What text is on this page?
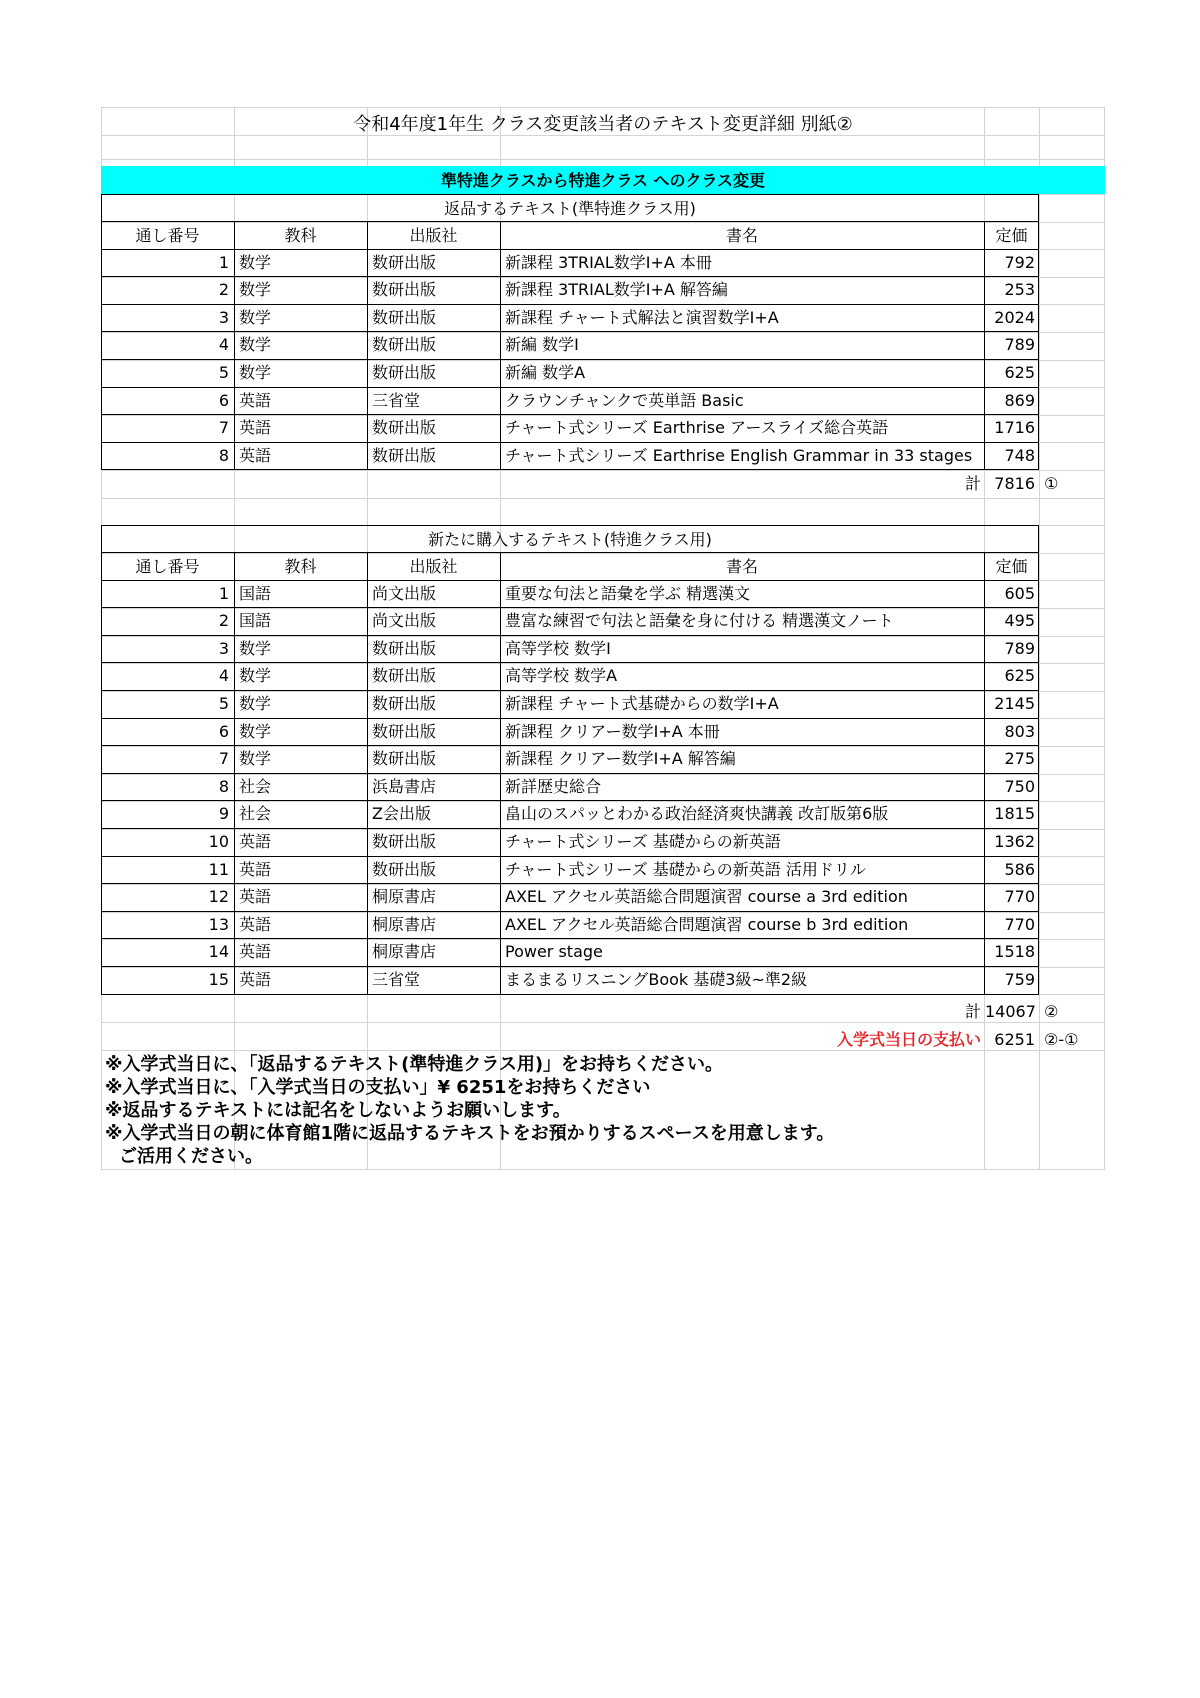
令和4年度1年生 クラス変更該当者のテキスト変更詳細 別紙②
準特進クラスから特進クラス へのクラス変更
返品するテキスト(準特進クラス用)
通し番号	教科	出版社	書名	定価
1 数学	数研出版	新課程 3TRIAL数学Ⅰ+A 本冊	792
2 数学	数研出版	新課程 3TRIAL数学Ⅰ+A 解答編	253
3 数学	数研出版	新課程 チャート式解法と演習数学Ⅰ+A	2024
4 数学	数研出版	新編 数学Ⅰ	789
5 数学	数研出版	新編 数学A	625
6 英語	三省堂	クラウンチャンクで英単語 Basic	869
7 英語	数研出版	チャート式シリーズ Earthrise アースライズ総合英語	1716
8 英語	数研出版	チャート式シリーズ Earthrise English Grammar in 33 stages	748
計 7816 ①
新たに購入するテキスト(特進クラス用)
通し番号	教科	出版社	書名	定価
1 国語	尚文出版	重要な句法と語彙を学ぶ 精選漢文	605
2 国語	尚文出版	豊富な練習で句法と語彙を身に付ける 精選漢文ノート	495
3 数学	数研出版	高等学校 数学Ⅰ	789
4 数学	数研出版	高等学校 数学A	625
5 数学	数研出版	新課程 チャート式基礎からの数学Ⅰ+A	2145
6 数学	数研出版	新課程 クリアー数学Ⅰ+A 本冊	803
7 数学	数研出版	新課程 クリアー数学Ⅰ+A 解答編	275
8 社会	浜島書店	新詳歴史総合	750
9 社会	Z会出版	畠山のスパッとわかる政治経済爽快講義 改訂版第6版	1815
10 英語	数研出版	チャート式シリーズ 基礎からの新英語	1362
11 英語	数研出版	チャート式シリーズ 基礎からの新英語 活用ドリル	586
12 英語	桐原書店	AXEL アクセル英語総合問題演習 course a 3rd edition	770
13 英語	桐原書店	AXEL アクセル英語総合問題演習 course b 3rd edition	770
14 英語	桐原書店	Power stage	1518
15 英語	三省堂	まるまるリスニングBook 基礎3級~準2級	759
計 14067 ②
入学式当日の支払い 6251 ②-①
※入学式当日に、「返品するテキスト(準特進クラス用)」をお持ちください。
※入学式当日に、「入学式当日の支払い」¥ 6251をお持ちください
※返品するテキストには記名をしないようお願いします。
※入学式当日の朝に体育館1階に返品するテキストをお預かりするスペースを用意します。
ご活用ください。
